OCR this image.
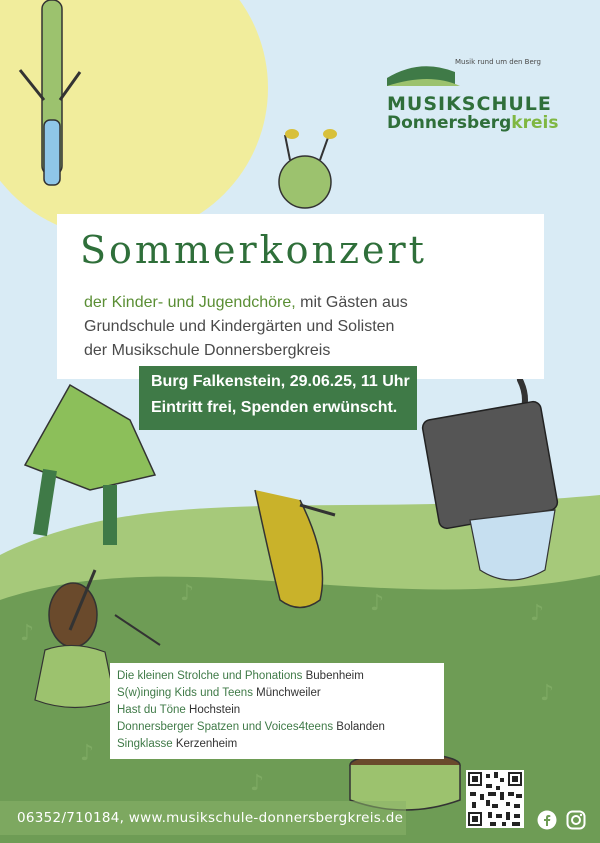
♪
♪	♪	♪
♪
♪
♪
Musik rund um den Berg
MUSIKSCHULE
Donnersbergkreis
Sommerkonzert
der Kinder- und Jugendchöre, mit Gästen aus
Grundschule und Kindergärten und Solisten
der Musikschule Donnersbergkreis
Burg Falkenstein, 29.06.25, 11 Uhr
Eintritt frei, Spenden erwünscht.
Die kleinen Strolche und Phonations Bubenheim
S(w)inging Kids und Teens Münchweiler
Hast du Töne Hochstein
Donnersberger Spatzen und Voices4teens Bolanden
Singklasse Kerzenheim
06352/710184, www.musikschule-donnersbergkreis.de
